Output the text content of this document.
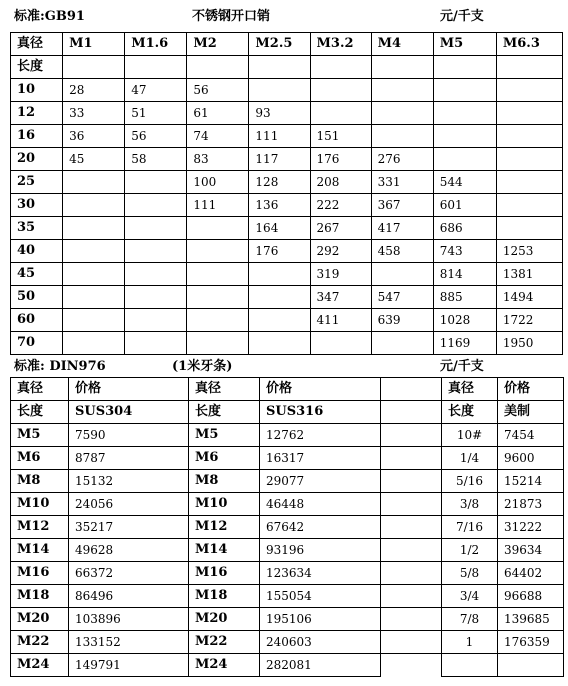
标准:GB91	不锈钢开口销	元/千支
真径	M1	M1.6	M2	M2.5	M3.2	M4	M5	M6.3
长度								
10	28	47	56					
12	33	51	61	93				
16	36	56	74	111	151			
20	45	58	83	117	176	276		
25			100	128	208	331	544	
30			111	136	222	367	601	
35				164	267	417	686	
40				176	292	458	743	1253
45					319		814	1381
50					347	547	885	1494
60					411	639	1028	1722
70							1169	1950
标准: DIN976	(1米牙条)	元/千支
真径	价格	真径	价格		真径	价格
长度	SUS304	长度	SUS316		长度	美制
M5	7590	M5	12762		10#	7454
M6	8787	M6	16317		1/4	9600
M8	15132	M8	29077		5/16	15214
M10	24056	M10	46448		3/8	21873
M12	35217	M12	67642		7/16	31222
M14	49628	M14	93196		1/2	39634
M16	66372	M16	123634		5/8	64402
M18	86496	M18	155054		3/4	96688
M20	103896	M20	195106		7/8	139685
M22	133152	M22	240603		1	176359
M24	149791	M24	282081			
